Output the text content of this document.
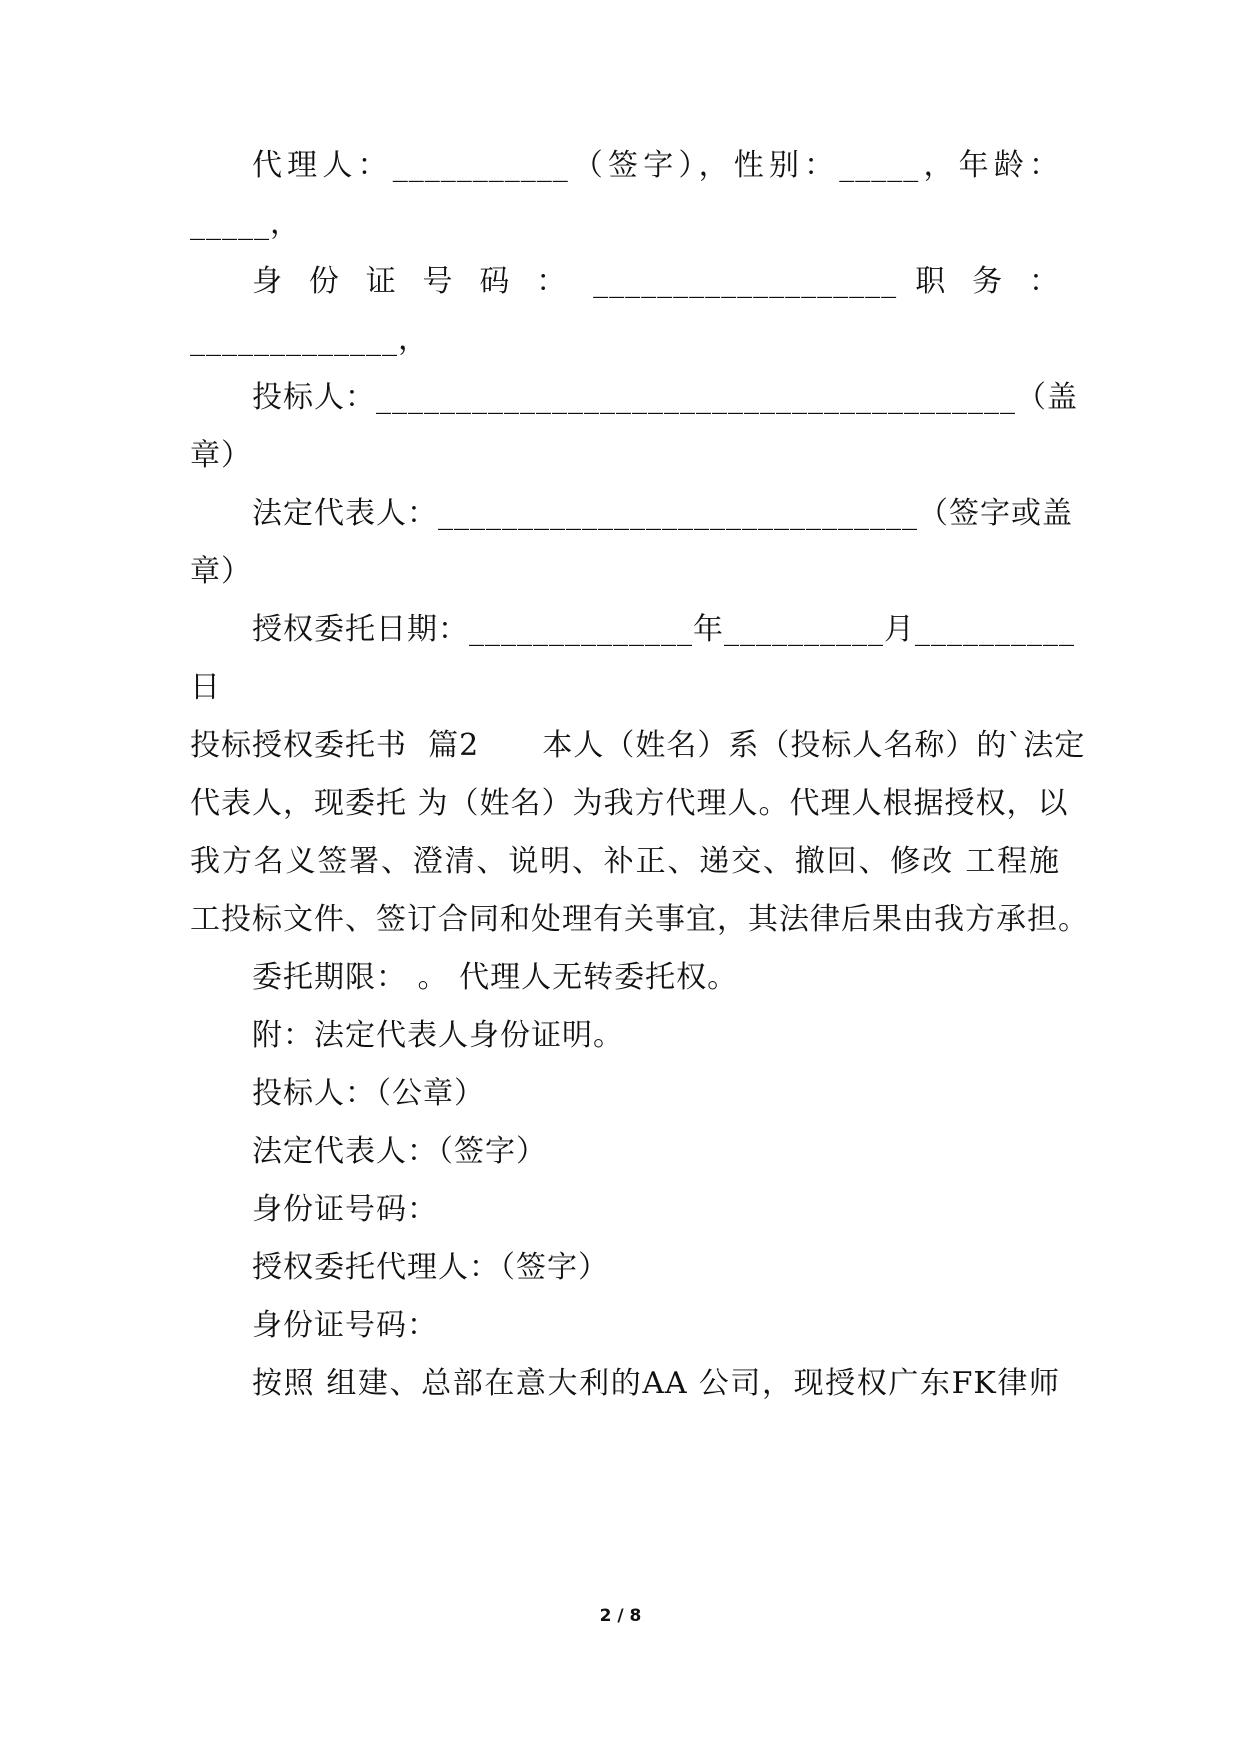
代理人：___________（签字），性别：_____，年龄：
_____，
身 份 证 号 码 ： ___________________ 职 务 ：
_____________，
投标人：________________________________________（盖
章）
法定代表人：______________________________（签字或盖
章）
授权委托日期：______________年__________月__________
日
投标授权委托书  篇2      本人（姓名）系（投标人名称）的`法定
代表人，现委托 为（姓名）为我方代理人。代理人根据授权，以
我方名义签署、澄清、说明、补正、递交、撤回、修改 工程施
工投标文件、签订合同和处理有关事宜，其法律后果由我方承担。
委托期限： 。 代理人无转委托权。
附：法定代表人身份证明。
投标人：（公章）
法定代表人：（签字）
身份证号码：
授权委托代理人：（签字）
身份证号码：
按照 组建、总部在意大利的AA 公司，现授权广东FK律师
2 / 8
